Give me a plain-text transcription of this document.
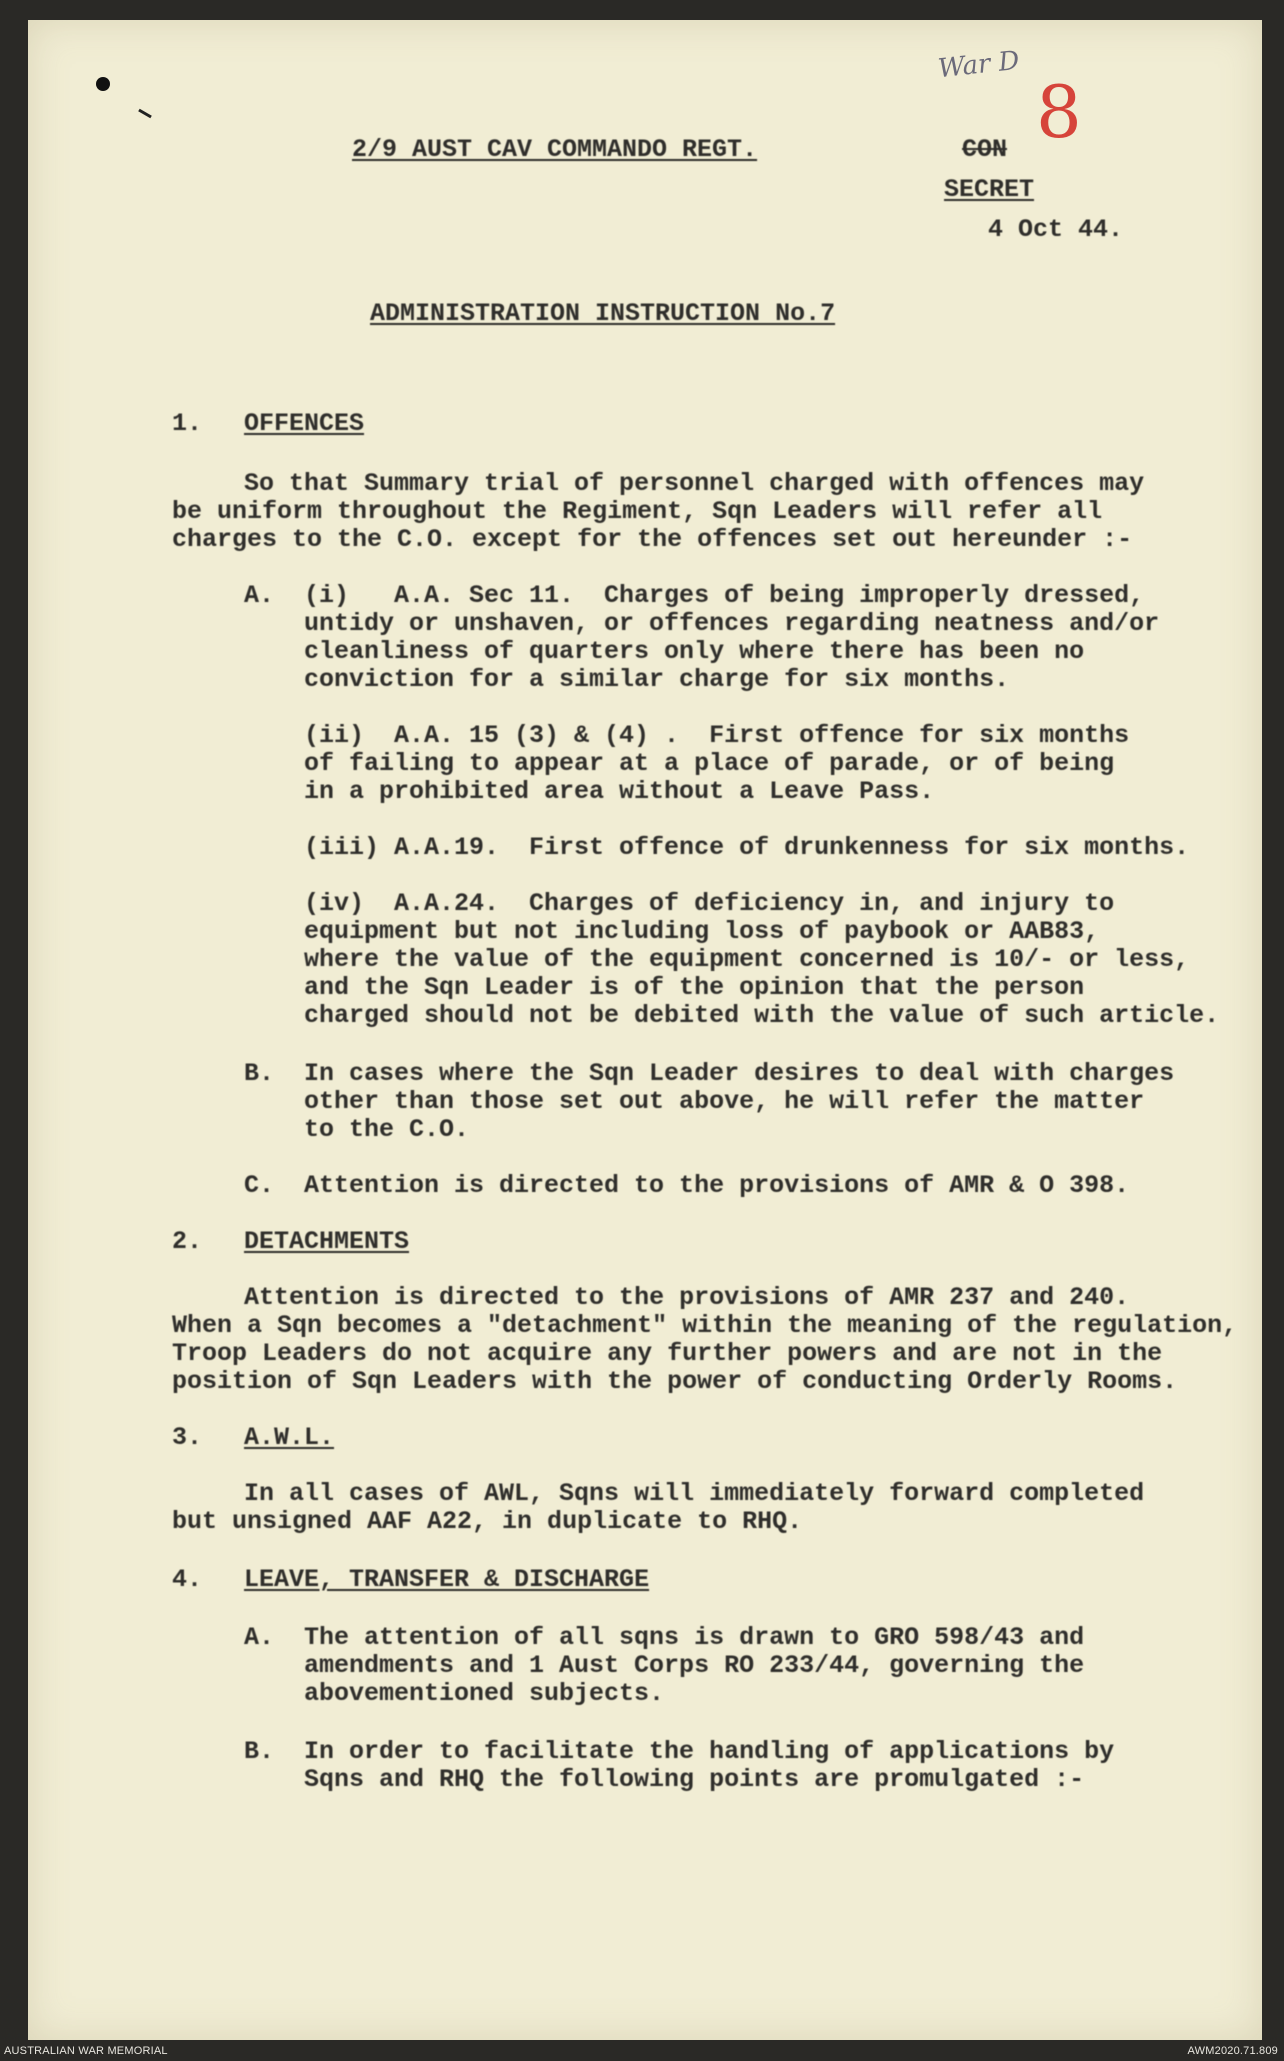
War D
8
2/9 AUST CAV COMMANDO REGT.	CON
SECRET
4 Oct 44.
ADMINISTRATION INSTRUCTION No.7
1. OFFENCES
So that Summary trial of personnel charged with offences may
be uniform throughout the Regiment, Sqn Leaders will refer all
charges to the C.O. except for the offences set out hereunder :-
A. (i)   A.A. Sec 11.  Charges of being improperly dressed,
untidy or unshaven, or offences regarding neatness and/or
cleanliness of quarters only where there has been no
conviction for a similar charge for six months.
(ii)  A.A. 15 (3) & (4) .  First offence for six months
of failing to appear at a place of parade, or of being
in a prohibited area without a Leave Pass.
(iii) A.A.19.  First offence of drunkenness for six months.
(iv)  A.A.24.  Charges of deficiency in, and injury to
equipment but not including loss of paybook or AAB83,
where the value of the equipment concerned is 10/- or less,
and the Sqn Leader is of the opinion that the person
charged should not be debited with the value of such article.
B. In cases where the Sqn Leader desires to deal with charges
other than those set out above, he will refer the matter
to the C.O.
C. Attention is directed to the provisions of AMR & O 398.
2. DETACHMENTS
Attention is directed to the provisions of AMR 237 and 240.
When a Sqn becomes a "detachment" within the meaning of the regulation,
Troop Leaders do not acquire any further powers and are not in the
position of Sqn Leaders with the power of conducting Orderly Rooms.
3. A.W.L.
In all cases of AWL, Sqns will immediately forward completed
but unsigned AAF A22, in duplicate to RHQ.
4. LEAVE, TRANSFER & DISCHARGE
A. The attention of all sqns is drawn to GRO 598/43 and
amendments and 1 Aust Corps RO 233/44, governing the
abovementioned subjects.
B. In order to facilitate the handling of applications by
Sqns and RHQ the following points are promulgated :-
AUSTRALIAN WAR MEMORIAL	AWM2020.71.809
